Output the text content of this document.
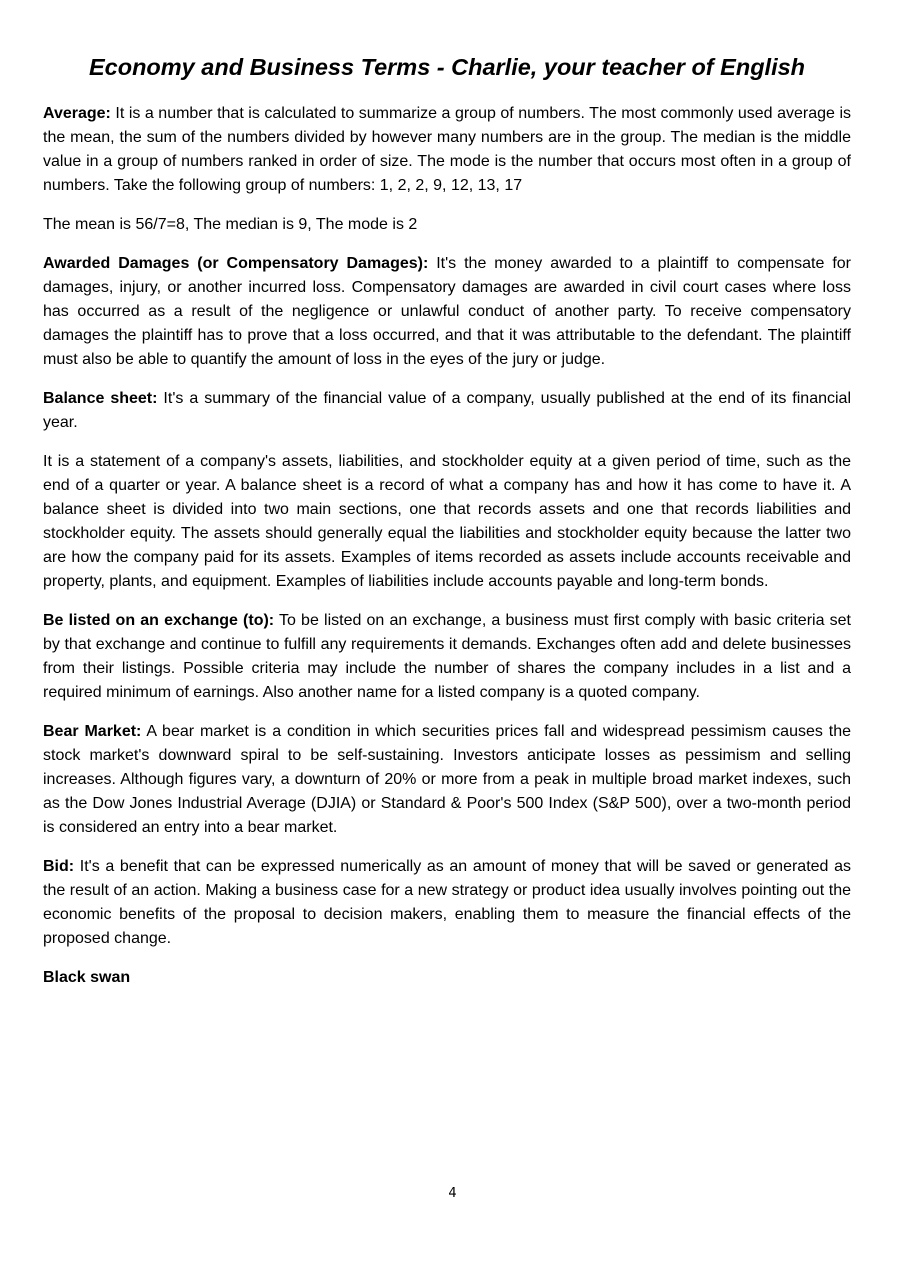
Economy and Business Terms - Charlie, your teacher of English

Average: It is a number that is calculated to summarize a group of numbers. The most commonly used average is the mean, the sum of the numbers divided by however many numbers are in the group. The median is the middle value in a group of numbers ranked in order of size. The mode is the number that occurs most often in a group of numbers. Take the following group of numbers: 1, 2, 2, 9, 12, 13, 17

The mean is 56/7=8, The median is 9, The mode is 2

Awarded Damages (or Compensatory Damages): It's the money awarded to a plaintiff to compensate for damages, injury, or another incurred loss. Compensatory damages are awarded in civil court cases where loss has occurred as a result of the negligence or unlawful conduct of another party. To receive compensatory damages the plaintiff has to prove that a loss occurred, and that it was attributable to the defendant. The plaintiff must also be able to quantify the amount of loss in the eyes of the jury or judge.

Balance sheet: It's a summary of the financial value of a company, usually published at the end of its financial year.

It is a statement of a company's assets, liabilities, and stockholder equity at a given period of time, such as the end of a quarter or year. A balance sheet is a record of what a company has and how it has come to have it. A balance sheet is divided into two main sections, one that records assets and one that records liabilities and stockholder equity. The assets should generally equal the liabilities and stockholder equity because the latter two are how the company paid for its assets. Examples of items recorded as assets include accounts receivable and property, plants, and equipment. Examples of liabilities include accounts payable and long-term bonds.

Be listed on an exchange (to): To be listed on an exchange, a business must first comply with basic criteria set by that exchange and continue to fulfill any requirements it demands. Exchanges often add and delete businesses from their listings. Possible criteria may include the number of shares the company includes in a list and a required minimum of earnings. Also another name for a listed company is a quoted company.

Bear Market: A bear market is a condition in which securities prices fall and widespread pessimism causes the stock market's downward spiral to be self-sustaining. Investors anticipate losses as pessimism and selling increases. Although figures vary, a downturn of 20% or more from a peak in multiple broad market indexes, such as the Dow Jones Industrial Average (DJIA) or Standard & Poor's 500 Index (S&P 500), over a two-month period is considered an entry into a bear market.

Bid: It's a benefit that can be expressed numerically as an amount of money that will be saved or generated as the result of an action. Making a business case for a new strategy or product idea usually involves pointing out the economic benefits of the proposal to decision makers, enabling them to measure the financial effects of the proposed change.

Black swan

4
